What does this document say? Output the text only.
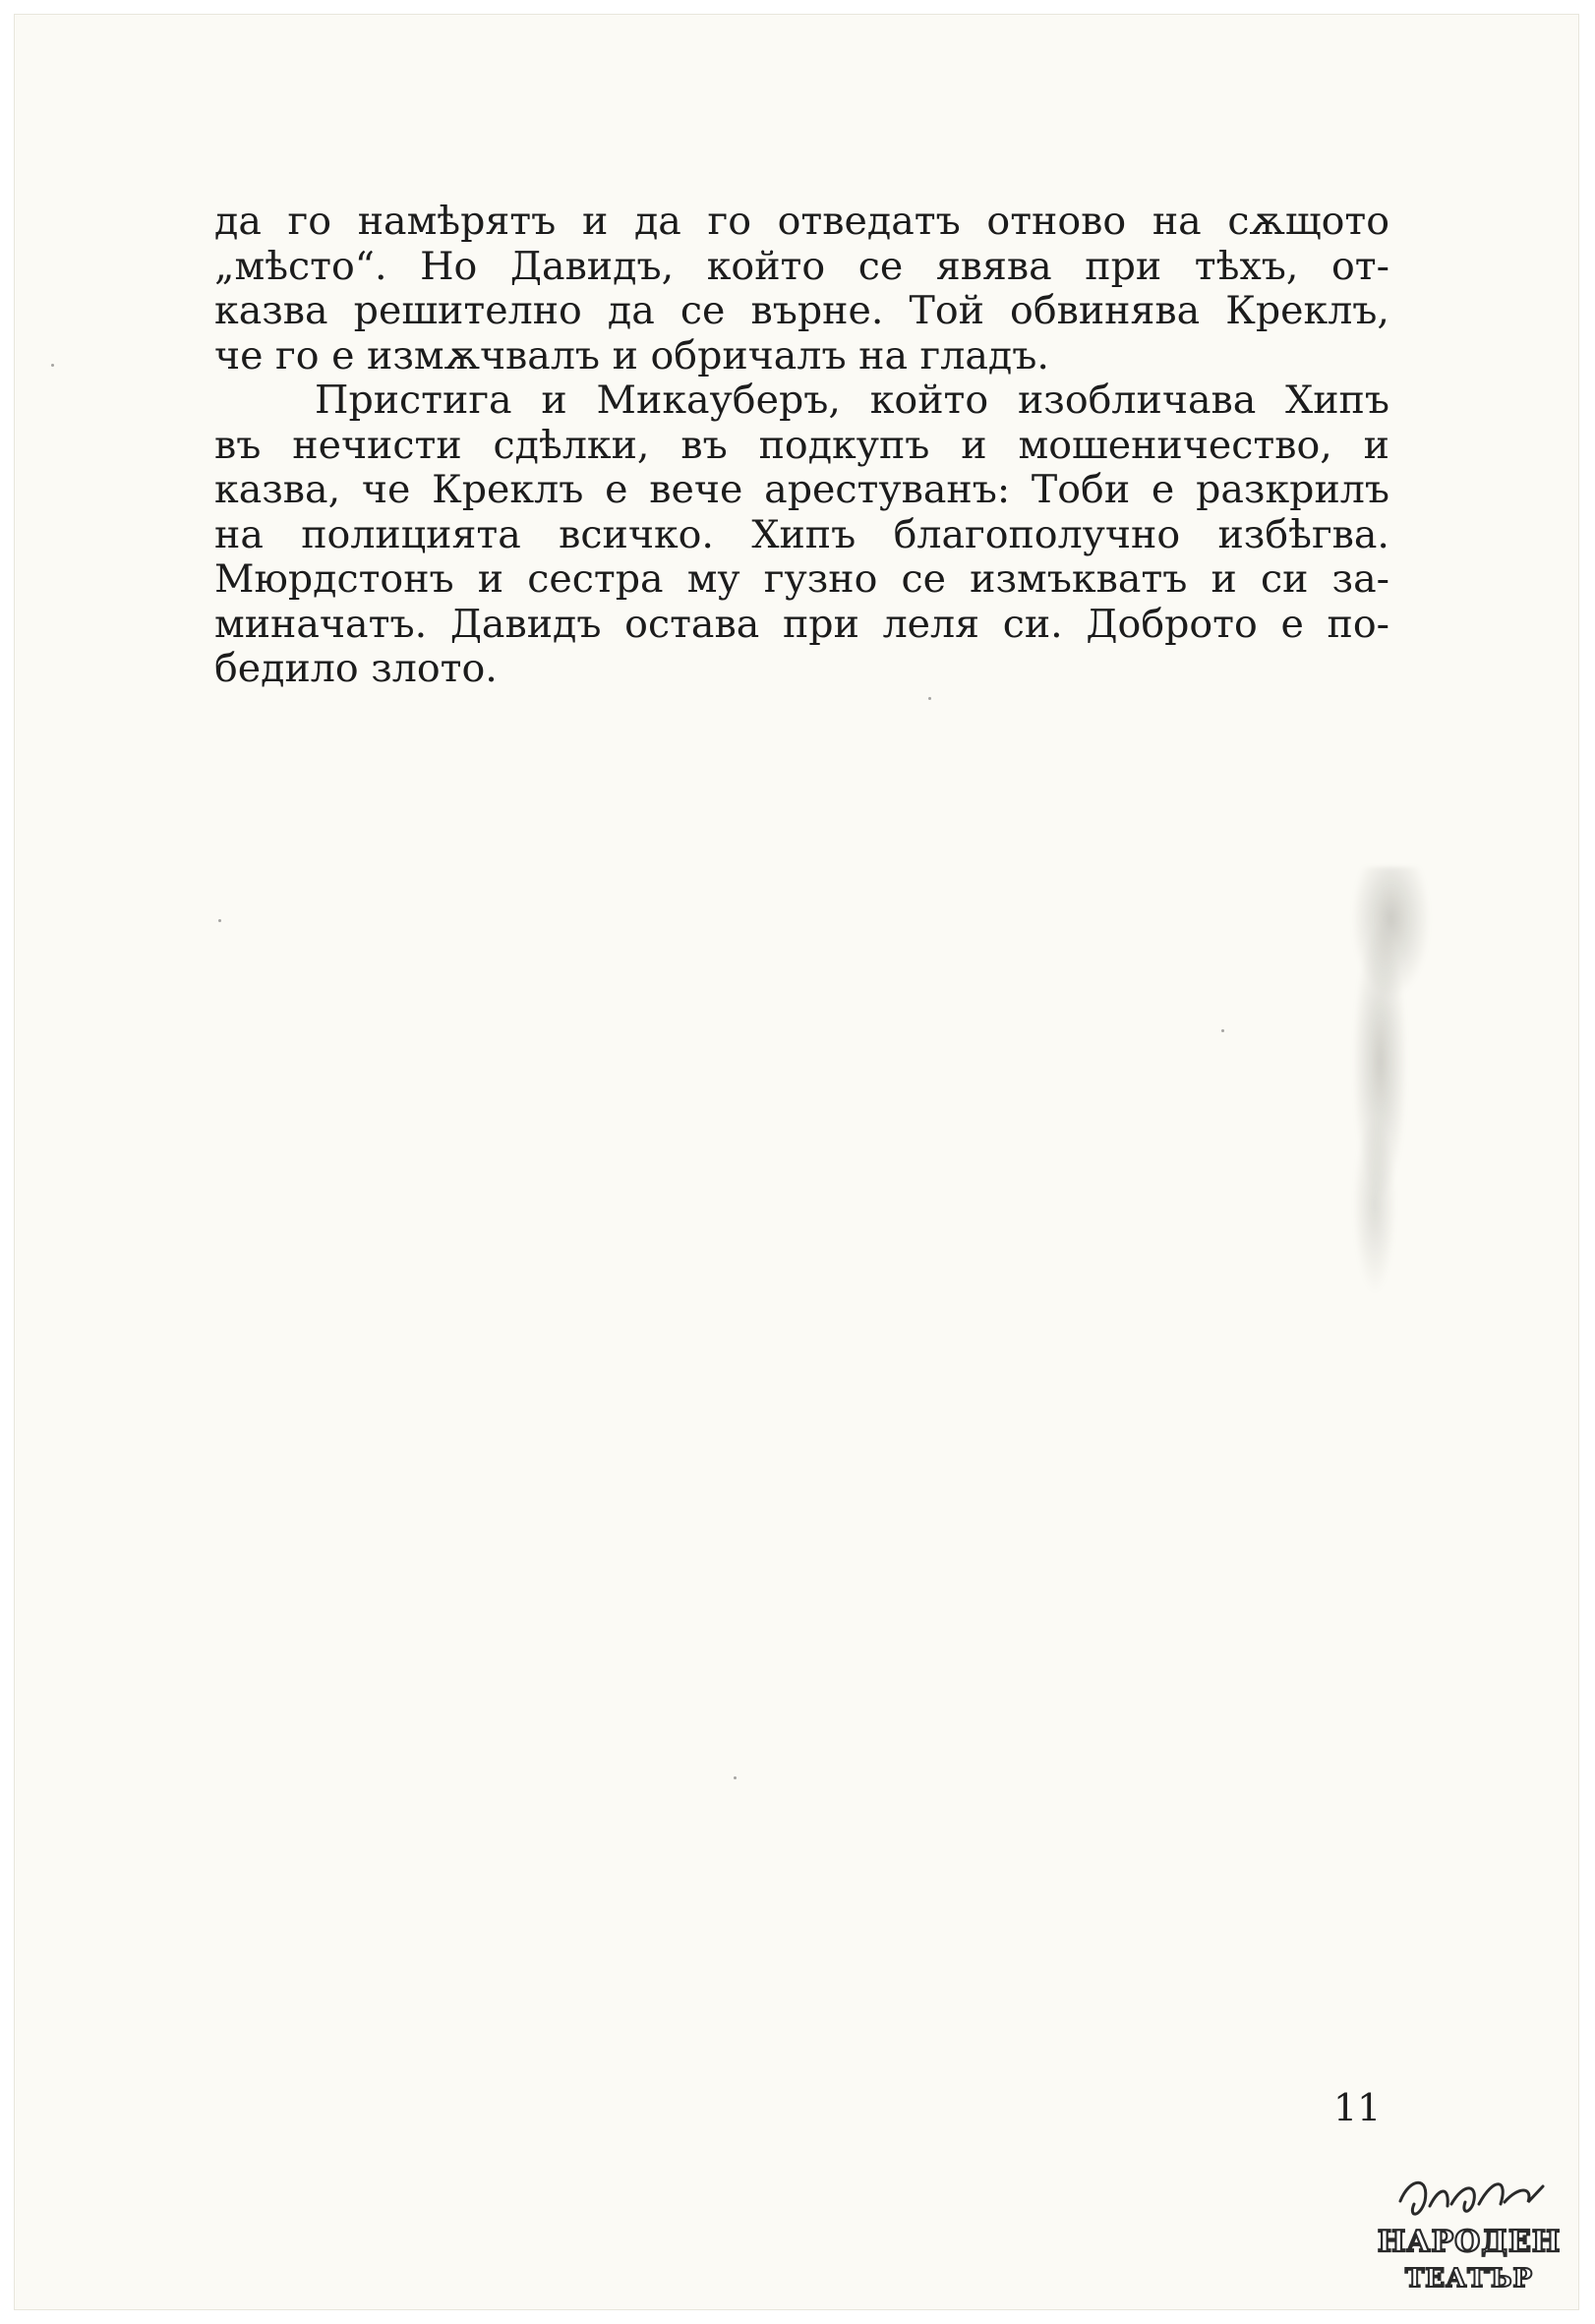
да го намѣрятъ и да го отведатъ отново на сѫщото
„мѣсто“. Но Давидъ, който се явява при тѣхъ, от-
казва решително да се върне. Той обвинява Креклъ,
че го е измѫчвалъ и обричалъ на гладъ.
Пристига и Микауберъ, който изобличава Хипъ
въ нечисти сдѣлки, въ подкупъ и мошеничество, и
казва, че Креклъ е вече арестуванъ: Тоби е разкрилъ
на полицията всичко. Хипъ благополучно избѣгва.
Мюрдстонъ и сестра му гузно се измъкватъ и си за-
миначатъ. Давидъ остава при леля си. Доброто е по-
бедило злото.
11
НАРОДЕН
ТЕАТЪР
